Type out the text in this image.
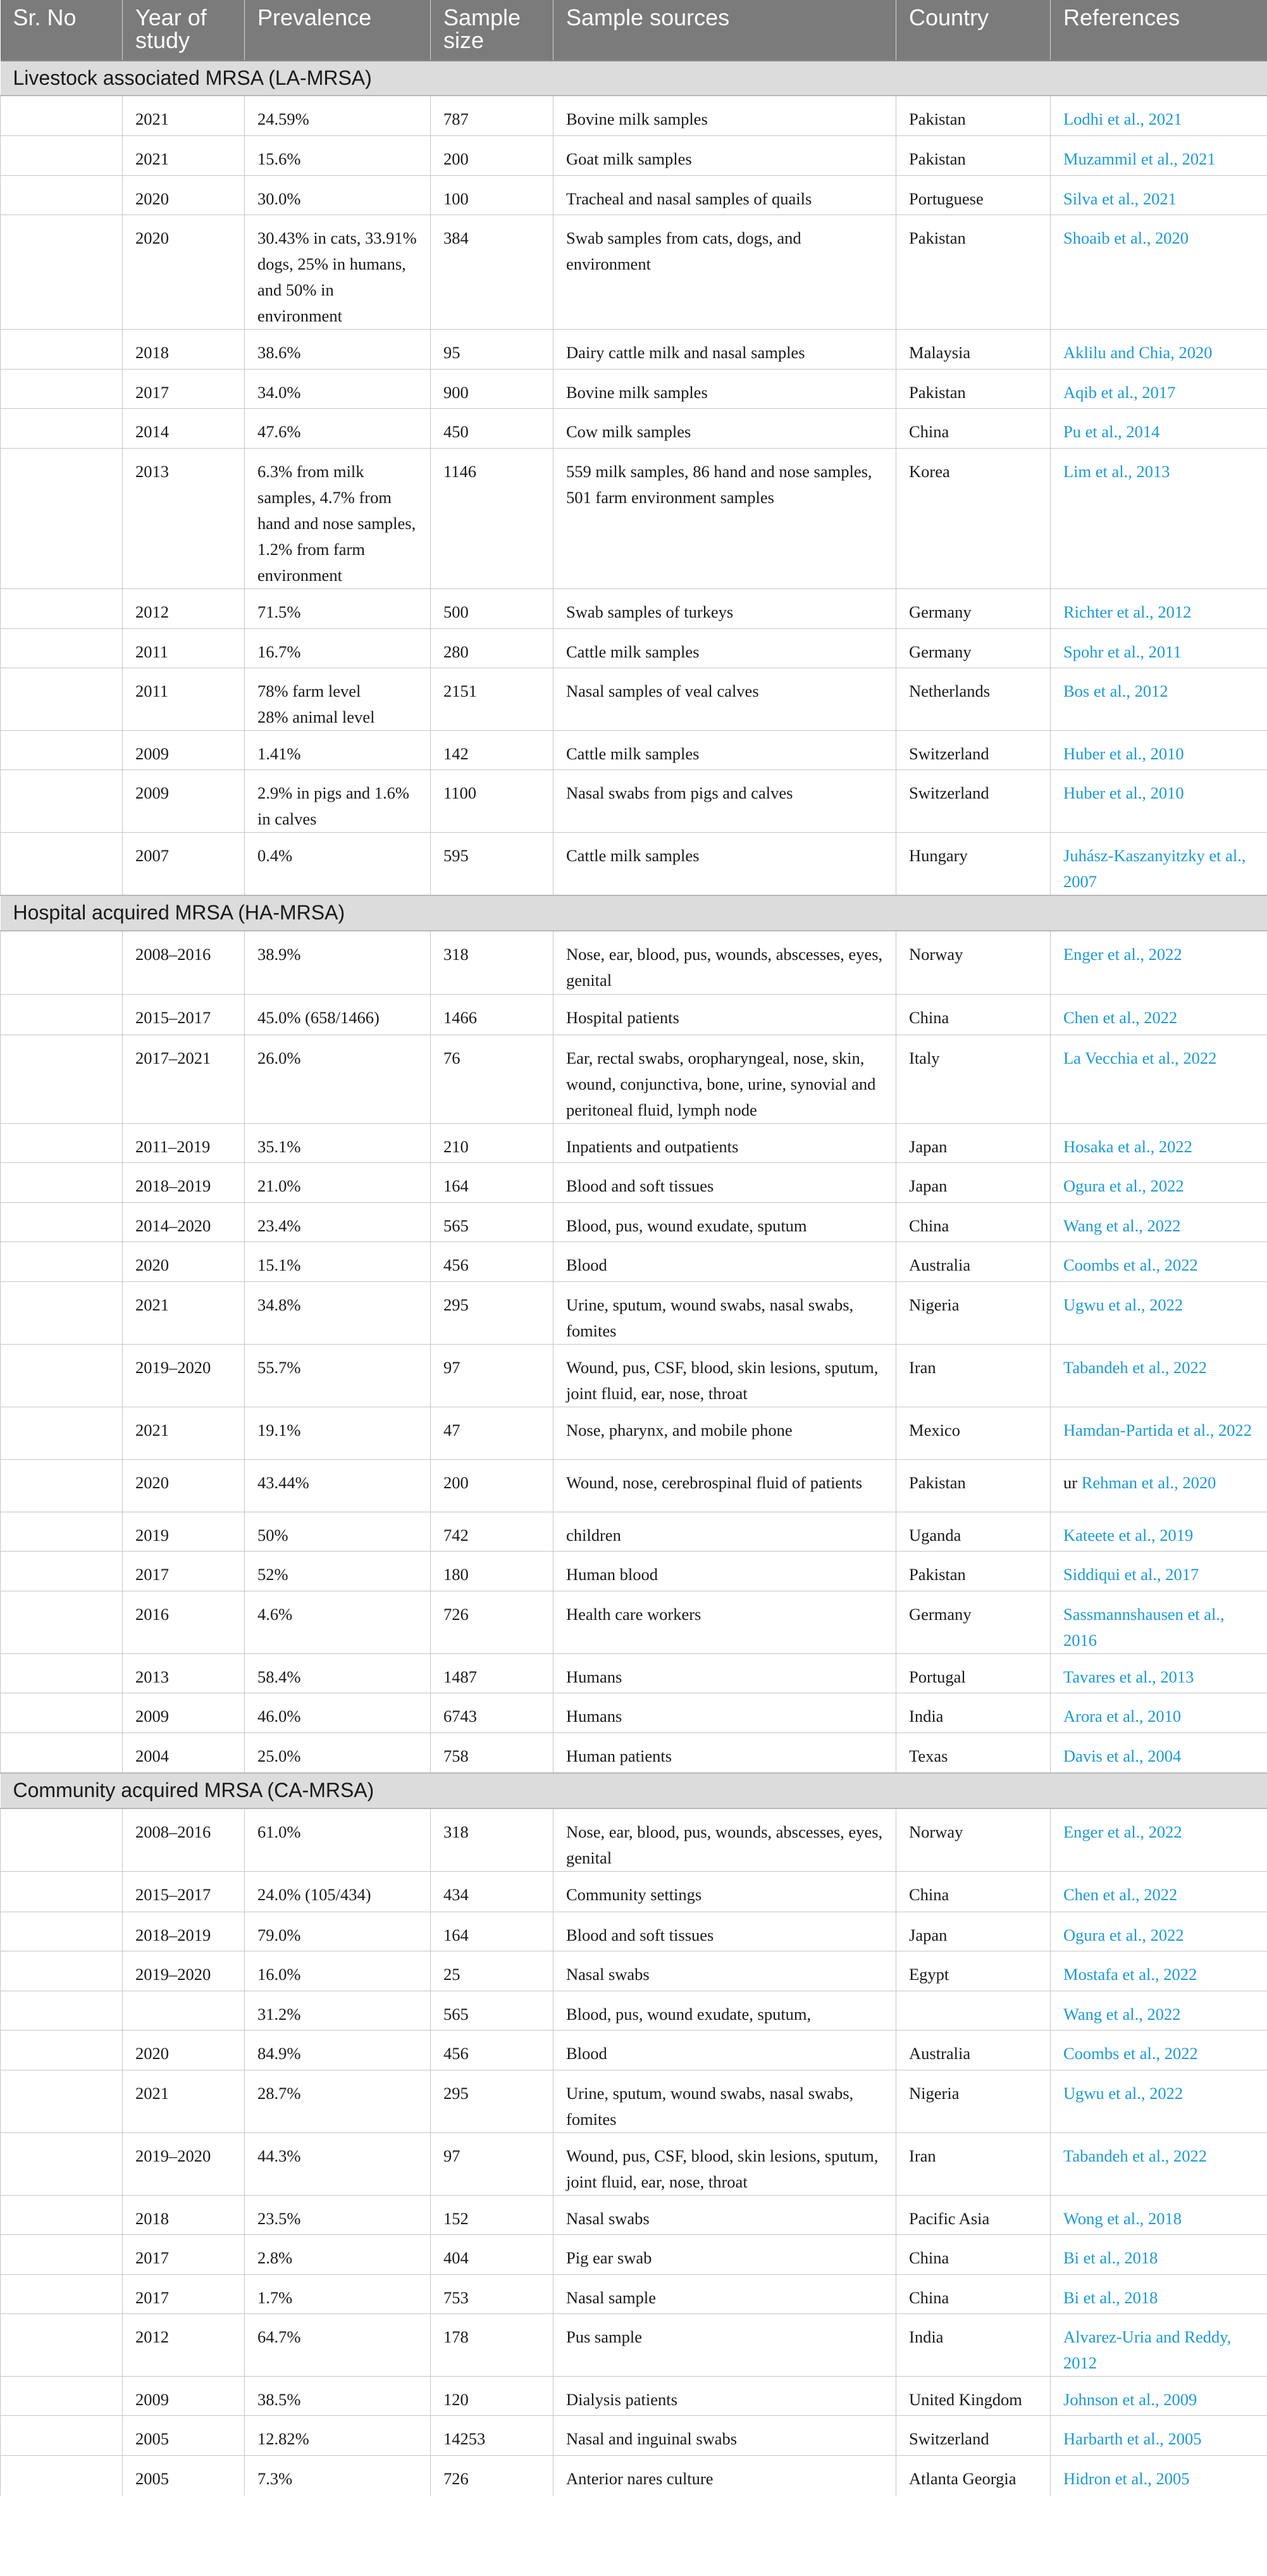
Sr. No	Year of study	Prevalence	Sample size	Sample sources	Country	References
Livestock associated MRSA (LA-MRSA)						
	2021	24.59%	787	Bovine milk samples	Pakistan	Lodhi et al., 2021
	2021	15.6%	200	Goat milk samples	Pakistan	Muzammil et al., 2021
	2020	30.0%	100	Tracheal and nasal samples of quails	Portuguese	Silva et al., 2021
	2020	30.43% in cats, 33.91% dogs, 25% in humans, and 50% in environment	384	Swab samples from cats, dogs, and environment	Pakistan	Shoaib et al., 2020
	2018	38.6%	95	Dairy cattle milk and nasal samples	Malaysia	Aklilu and Chia, 2020
	2017	34.0%	900	Bovine milk samples	Pakistan	Aqib et al., 2017
	2014	47.6%	450	Cow milk samples	China	Pu et al., 2014
	2013	6.3% from milk samples, 4.7% from hand and nose samples, 1.2% from farm environment	1146	559 milk samples, 86 hand and nose samples, 501 farm environment samples	Korea	Lim et al., 2013
	2012	71.5%	500	Swab samples of turkeys	Germany	Richter et al., 2012
	2011	16.7%	280	Cattle milk samples	Germany	Spohr et al., 2011
	2011	78% farm level
28% animal level	2151	Nasal samples of veal calves	Netherlands	Bos et al., 2012
	2009	1.41%	142	Cattle milk samples	Switzerland	Huber et al., 2010
	2009	2.9% in pigs and 1.6% in calves	1100	Nasal swabs from pigs and calves	Switzerland	Huber et al., 2010
	2007	0.4%	595	Cattle milk samples	Hungary	Juhász-Kaszanyitzky et al., 2007
Hospital acquired MRSA (HA-MRSA)						
	2008–2016	38.9%	318	Nose, ear, blood, pus, wounds, abscesses, eyes, genital	Norway	Enger et al., 2022
	2015–2017	45.0% (658/1466)	1466	Hospital patients	China	Chen et al., 2022
	2017–2021	26.0%	76	Ear, rectal swabs, oropharyngeal, nose, skin, wound, conjunctiva, bone, urine, synovial and peritoneal fluid, lymph node	Italy	La Vecchia et al., 2022
	2011–2019	35.1%	210	Inpatients and outpatients	Japan	Hosaka et al., 2022
	2018–2019	21.0%	164	Blood and soft tissues	Japan	Ogura et al., 2022
	2014–2020	23.4%	565	Blood, pus, wound exudate, sputum	China	Wang et al., 2022
	2020	15.1%	456	Blood	Australia	Coombs et al., 2022
	2021	34.8%	295	Urine, sputum, wound swabs, nasal swabs, fomites	Nigeria	Ugwu et al., 2022
	2019–2020	55.7%	97	Wound, pus, CSF, blood, skin lesions, sputum, joint fluid, ear, nose, throat	Iran	Tabandeh et al., 2022
	2021	19.1%	47	Nose, pharynx, and mobile phone	Mexico	Hamdan-Partida et al., 2022
	2020	43.44%	200	Wound, nose, cerebrospinal fluid of patients	Pakistan	ur Rehman et al., 2020
	2019	50%	742	children	Uganda	Kateete et al., 2019
	2017	52%	180	Human blood	Pakistan	Siddiqui et al., 2017
	2016	4.6%	726	Health care workers	Germany	Sassmannshausen et al., 2016
	2013	58.4%	1487	Humans	Portugal	Tavares et al., 2013
	2009	46.0%	6743	Humans	India	Arora et al., 2010
	2004	25.0%	758	Human patients	Texas	Davis et al., 2004
Community acquired MRSA (CA-MRSA)						
	2008–2016	61.0%	318	Nose, ear, blood, pus, wounds, abscesses, eyes, genital	Norway	Enger et al., 2022
	2015–2017	24.0% (105/434)	434	Community settings	China	Chen et al., 2022
	2018–2019	79.0%	164	Blood and soft tissues	Japan	Ogura et al., 2022
	2019–2020	16.0%	25	Nasal swabs	Egypt	Mostafa et al., 2022
		31.2%	565	Blood, pus, wound exudate, sputum,		Wang et al., 2022
	2020	84.9%	456	Blood	Australia	Coombs et al., 2022
	2021	28.7%	295	Urine, sputum, wound swabs, nasal swabs, fomites	Nigeria	Ugwu et al., 2022
	2019–2020	44.3%	97	Wound, pus, CSF, blood, skin lesions, sputum, joint fluid, ear, nose, throat	Iran	Tabandeh et al., 2022
	2018	23.5%	152	Nasal swabs	Pacific Asia	Wong et al., 2018
	2017	2.8%	404	Pig ear swab	China	Bi et al., 2018
	2017	1.7%	753	Nasal sample	China	Bi et al., 2018
	2012	64.7%	178	Pus sample	India	Alvarez-Uria and Reddy, 2012
	2009	38.5%	120	Dialysis patients	United Kingdom	Johnson et al., 2009
	2005	12.82%	14253	Nasal and inguinal swabs	Switzerland	Harbarth et al., 2005
	2005	7.3%	726	Anterior nares culture	Atlanta Georgia	Hidron et al., 2005
